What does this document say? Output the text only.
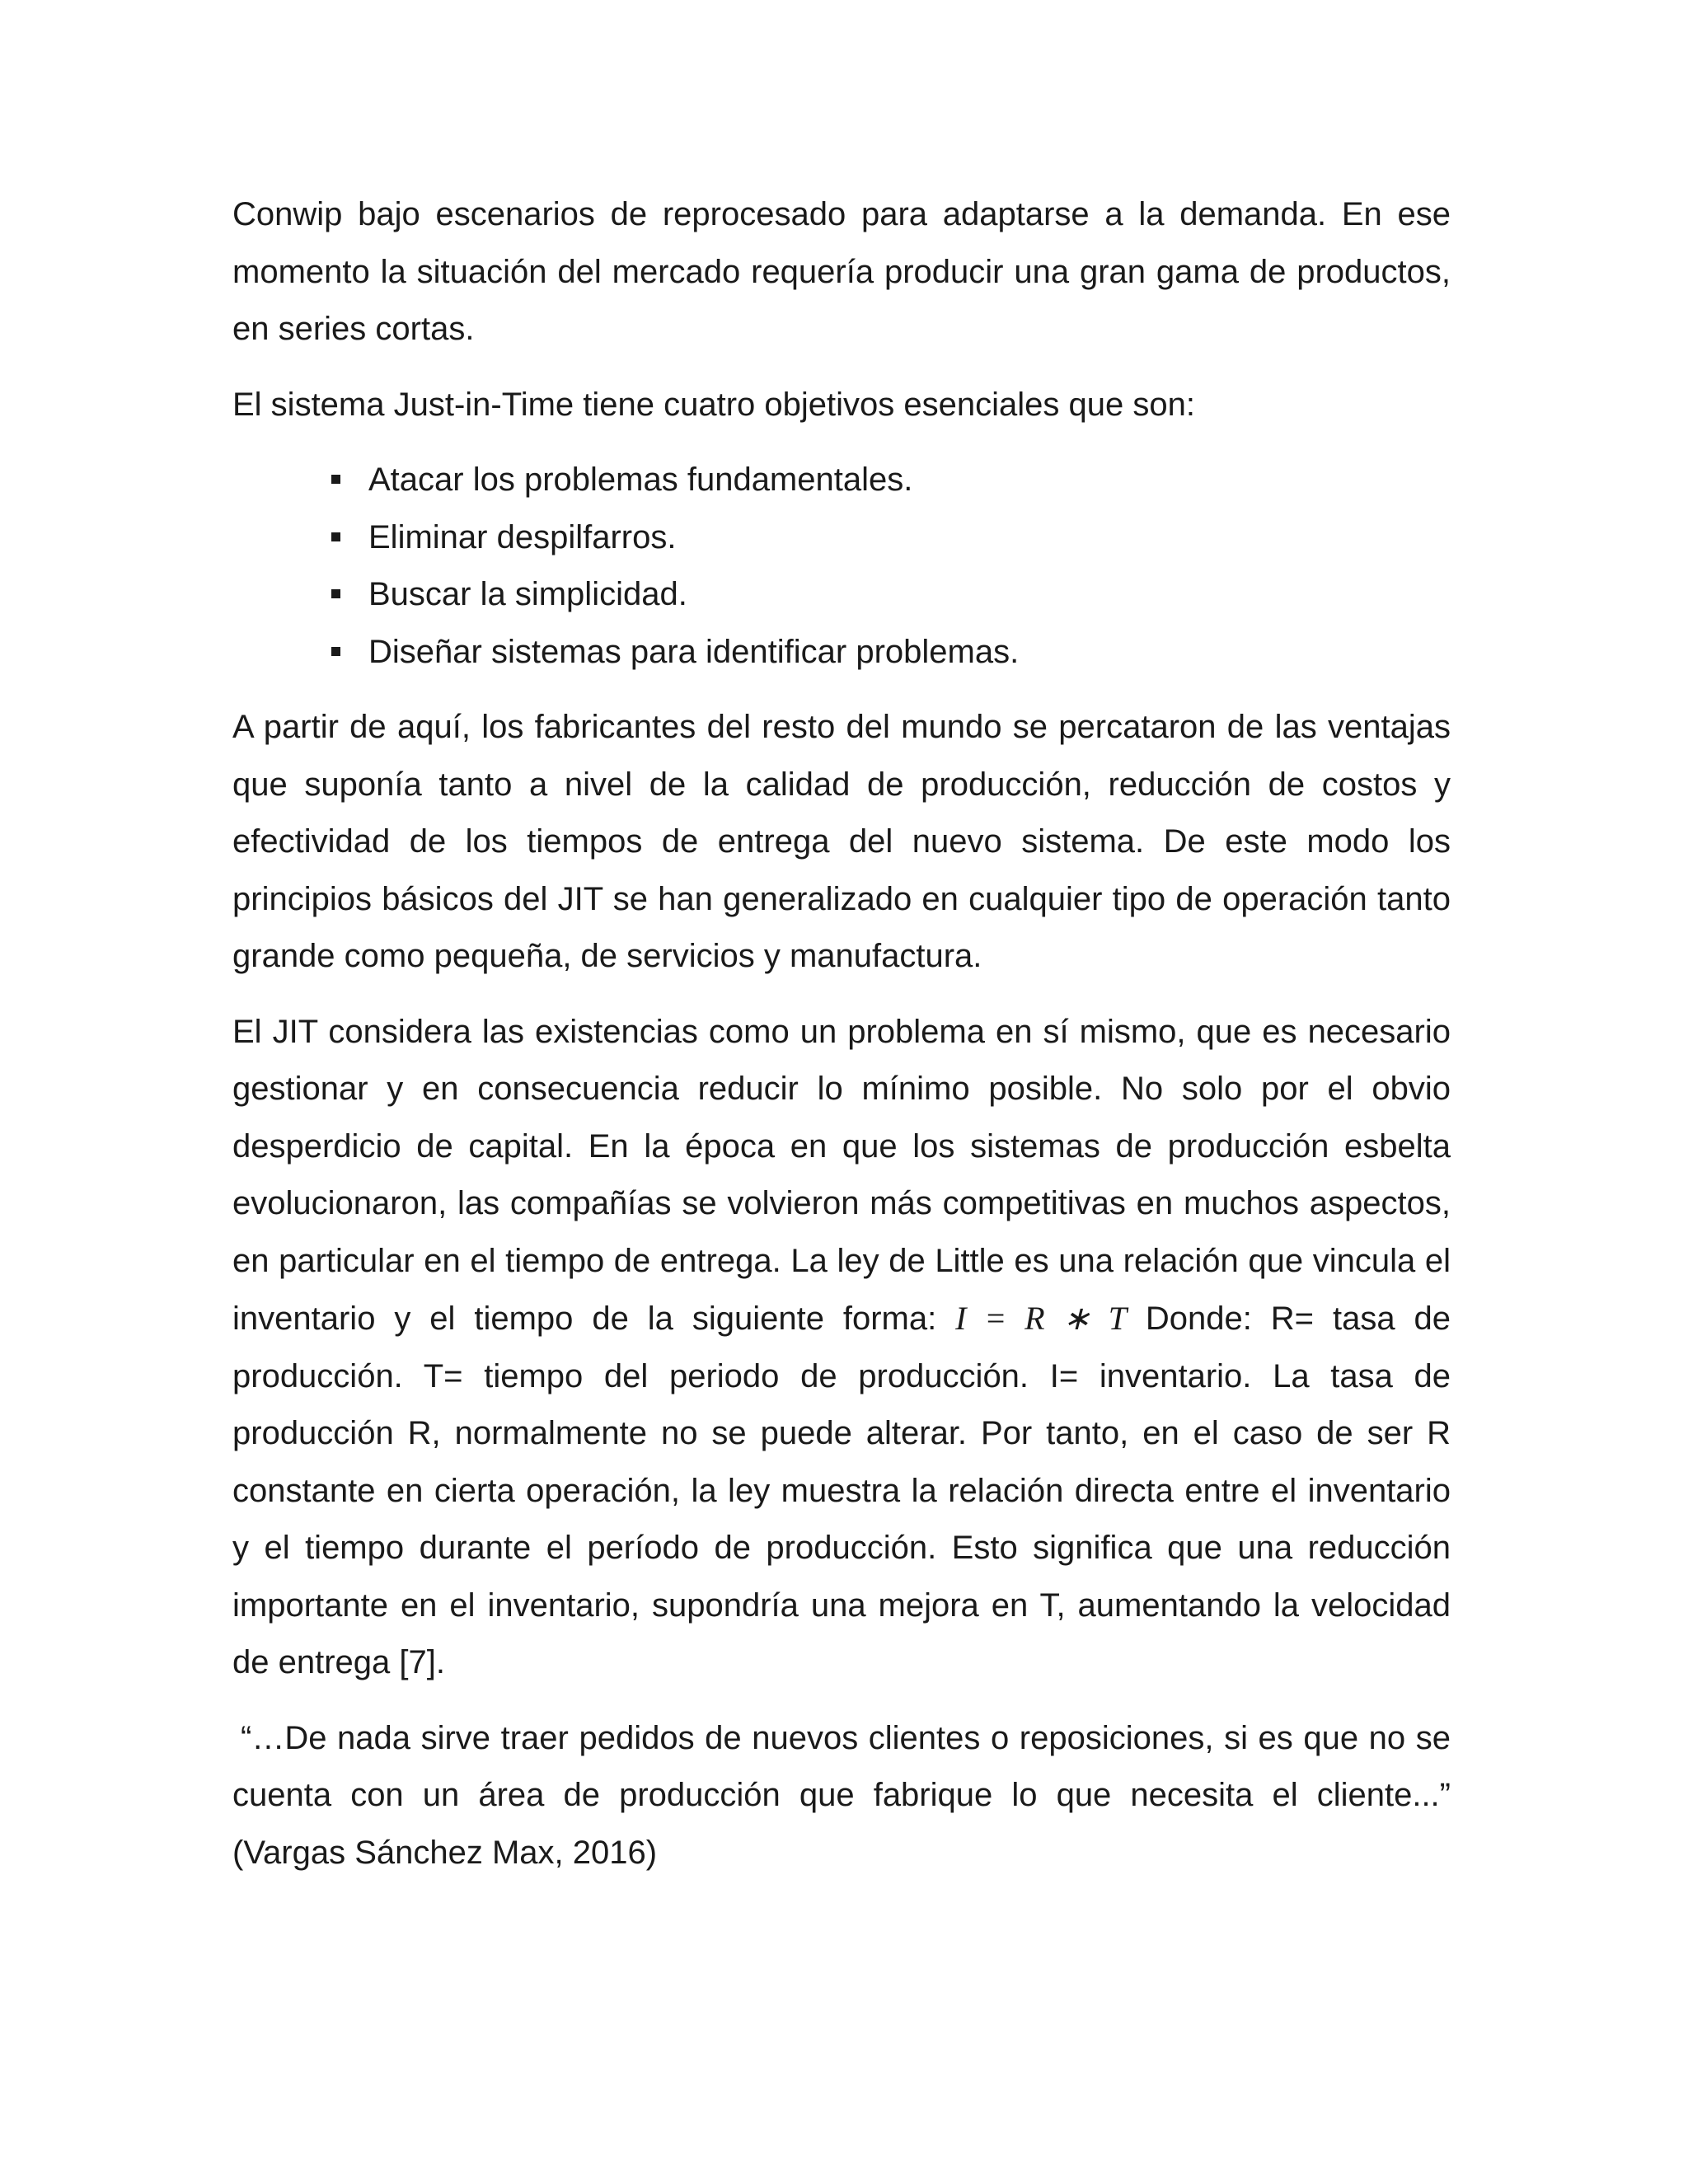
Conwip bajo escenarios de reprocesado para adaptarse a la demanda. En ese momento la situación del mercado requería producir una gran gama de productos, en series cortas.

El sistema Just-in-Time tiene cuatro objetivos esenciales que son:

Atacar los problemas fundamentales.
Eliminar despilfarros.
Buscar la simplicidad.
Diseñar sistemas para identificar problemas.

A partir de aquí, los fabricantes del resto del mundo se percataron de las ventajas que suponía tanto a nivel de la calidad de producción, reducción de costos y efectividad de los tiempos de entrega del nuevo sistema. De este modo los principios básicos del JIT se han generalizado en cualquier tipo de operación tanto grande como pequeña, de servicios y manufactura.

El JIT considera las existencias como un problema en sí mismo, que es necesario gestionar y en consecuencia reducir lo mínimo posible. No solo por el obvio desperdicio de capital. En la época en que los sistemas de producción esbelta evolucionaron, las compañías se volvieron más competitivas en muchos aspectos, en particular en el tiempo de entrega. La ley de Little es una relación que vincula el inventario y el tiempo de la siguiente forma: I = R ∗ T Donde: R= tasa de producción. T= tiempo del periodo de producción. I= inventario. La tasa de producción R, normalmente no se puede alterar. Por tanto, en el caso de ser R constante en cierta operación, la ley muestra la relación directa entre el inventario y el tiempo durante el período de producción. Esto significa que una reducción importante en el inventario, supondría una mejora en T, aumentando la velocidad de entrega [7].

“…De nada sirve traer pedidos de nuevos clientes o reposiciones, si es que no se cuenta con un área de producción que fabrique lo que necesita el cliente...” (Vargas Sánchez Max, 2016)
